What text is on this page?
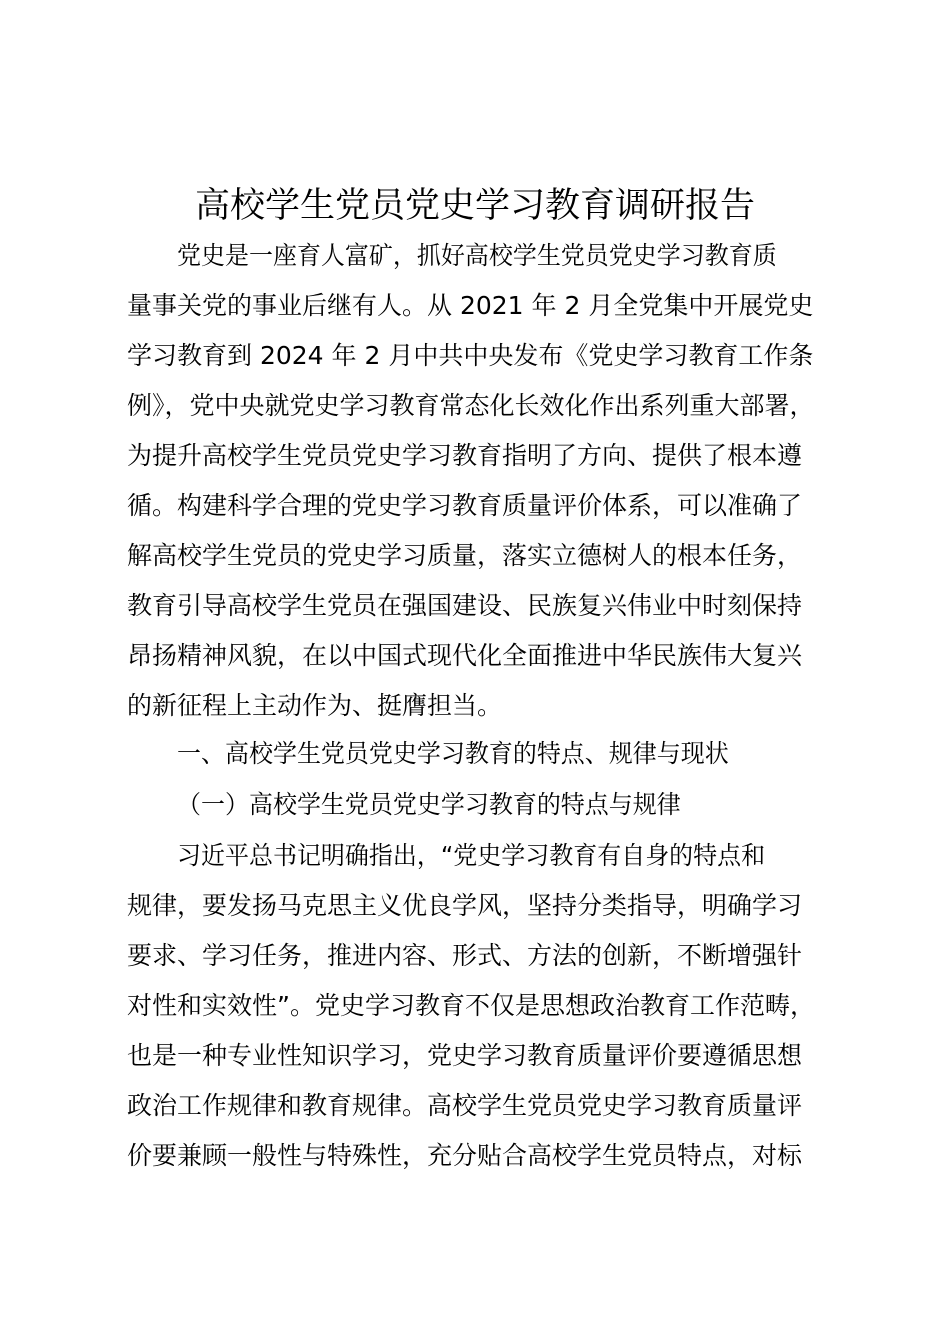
高校学生党员党史学习教育调研报告
党史是一座育人富矿，抓好高校学生党员党史学习教育质
量事关党的事业后继有人。从 2021 年 2 月全党集中开展党史
学习教育到 2024 年 2 月中共中央发布《党史学习教育工作条
例》，党中央就党史学习教育常态化长效化作出系列重大部署，
为提升高校学生党员党史学习教育指明了方向、提供了根本遵
循。构建科学合理的党史学习教育质量评价体系，可以准确了
解高校学生党员的党史学习质量，落实立德树人的根本任务，
教育引导高校学生党员在强国建设、民族复兴伟业中时刻保持
昂扬精神风貌，在以中国式现代化全面推进中华民族伟大复兴
的新征程上主动作为、挺膺担当。
一、高校学生党员党史学习教育的特点、规律与现状
（一）高校学生党员党史学习教育的特点与规律
习近平总书记明确指出，“党史学习教育有自身的特点和
规律，要发扬马克思主义优良学风，坚持分类指导，明确学习
要求、学习任务，推进内容、形式、方法的创新，不断增强针
对性和实效性”。党史学习教育不仅是思想政治教育工作范畴，
也是一种专业性知识学习，党史学习教育质量评价要遵循思想
政治工作规律和教育规律。高校学生党员党史学习教育质量评
价要兼顾一般性与特殊性，充分贴合高校学生党员特点，对标
